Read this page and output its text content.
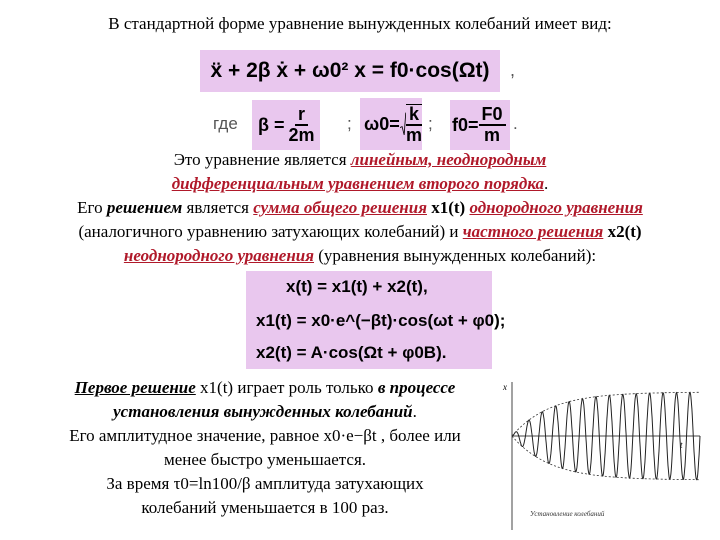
В стандартной форме уравнение вынужденных колебаний имеет вид:
ẍ + 2β ẋ + ω0² x = f0·cos(Ωt)	,
где	$\beta = \frac{r}{2m}$ ; $\omega 0= \frac{k}{m}$ ; $f0= \frac{F0}{m}$ .
Это уравнение является линейным, неоднородным
дифференциальным уравнением второго порядка.
Его решением является сумма общего решения x1(t) однородного уравнения
(аналогичного уравнению затухающих колебаний) и частного решения x2(t)
неоднородного уравнения (уравнения вынужденных колебаний):
x(t) = x1(t) + x2(t),
x1(t) = x0·e^(−βt)·cos(ωt + φ0);
x2(t) = A·cos(Ωt + φ0B).
Первое решение x1(t) играет роль только в процессе
установления вынужденных колебаний.
Его амплитудное значение, равное x0·e−βt , более или
менее быстро уменьшается.
За время τ0=ln100/β амплитуда затухающих
колебаний уменьшается в 100 раз.
x
t
Установление колебаний
